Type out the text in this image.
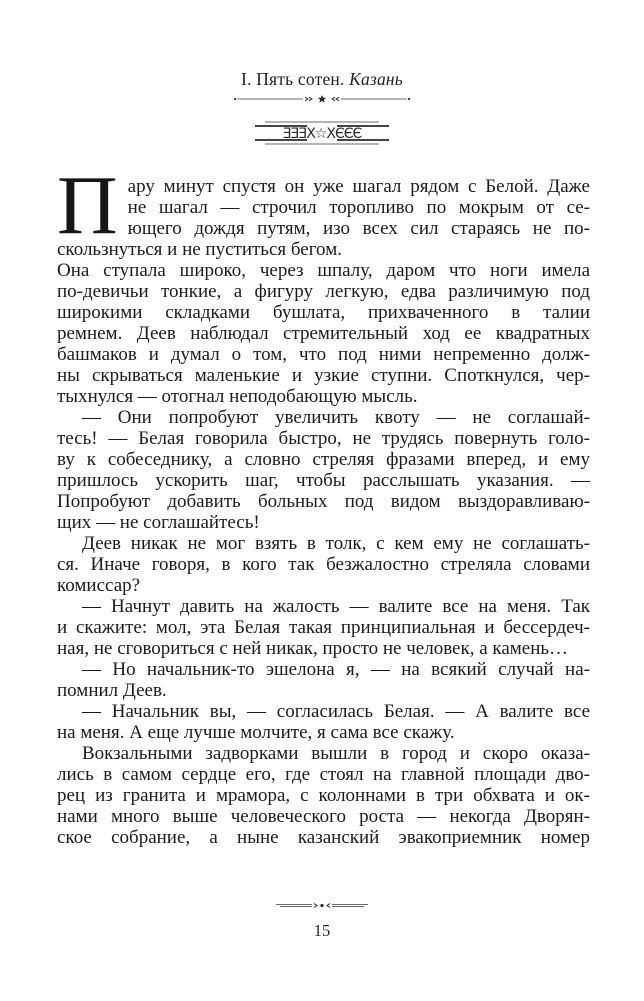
I. Пять сотен. Казань
ƎƎƎX☆XЄЄЄ

П ару минут спустя он уже шагал рядом с Белой. Даже
не шагал — строчил торопливо по мокрым от се-
ющего дождя путям, изо всех сил стараясь не по-
скользнуться и не пуститься бегом.

Она ступала широко, через шпалу, даром что ноги имела
по-девичьи тонкие, а фигуру легкую, едва различимую под
широкими складками бушлата, прихваченного в талии
ремнем. Деев наблюдал стремительный ход ее квадратных
башмаков и думал о том, что под ними непременно долж-
ны скрываться маленькие и узкие ступни. Споткнулся, чер-
тыхнулся — отогнал неподобающую мысль.

— Они попробуют увеличить квоту — не соглашай-
тесь! — Белая говорила быстро, не трудясь повернуть голо-
ву к собеседнику, а словно стреляя фразами вперед, и ему
пришлось ускорить шаг, чтобы расслышать указания. —
Попробуют добавить больных под видом выздоравливаю-
щих — не соглашайтесь!

Деев никак не мог взять в толк, с кем ему не соглашать-
ся. Иначе говоря, в кого так безжалостно стреляла словами
комиссар?

— Начнут давить на жалость — валите все на меня. Так
и скажите: мол, эта Белая такая принципиальная и бессердеч-
ная, не сговориться с ней никак, просто не человек, а камень…

— Но начальник-то эшелона я, — на всякий случай на-
помнил Деев.

— Начальник вы, — согласилась Белая. — А валите все
на меня. А еще лучше молчите, я сама все скажу.

Вокзальными задворками вышли в город и скоро оказа-
лись в самом сердце его, где стоял на главной площади дво-
рец из гранита и мрамора, с колоннами в три обхвата и ок-
нами много выше человеческого роста — некогда Дворян-
ское собрание, а ныне казанский эвакоприемник номер

15
